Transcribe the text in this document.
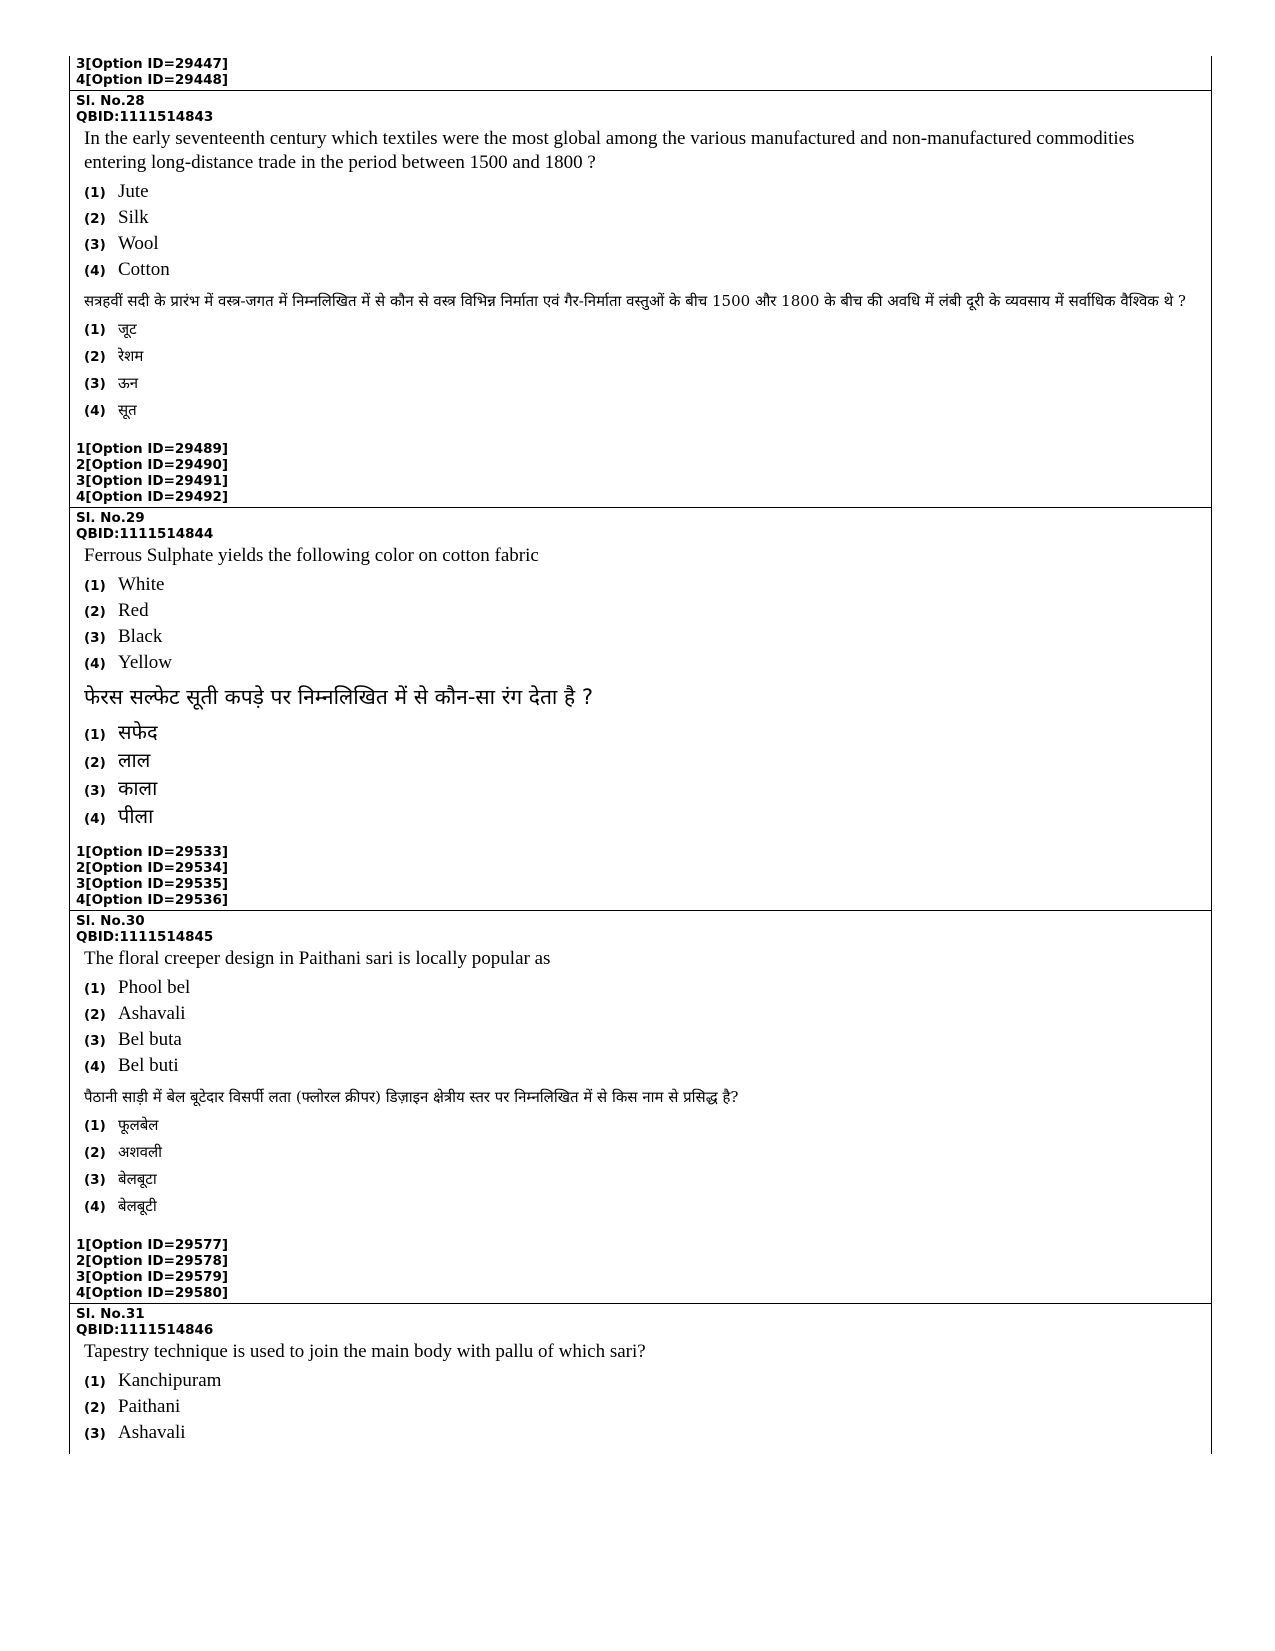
3[Option ID=29447]
4[Option ID=29448]
Sl. No.28
QBID:1111514843
In the early seventeenth century which textiles were the most global among the various manufactured and non-manufactured commodities entering long-distance trade in the period between 1500 and 1800 ?
(1) Jute
(2) Silk
(3) Wool
(4) Cotton
सत्रहवीं सदी के प्रारंभ में वस्त्र-जगत में निम्नलिखित में से कौन से वस्त्र विभिन्न निर्माता एवं गैर-निर्माता वस्तुओं के बीच 1500 और 1800 के बीच की अवधि में लंबी दूरी के व्यवसाय में सर्वाधिक वैश्विक थे ?
(1) जूट
(2) रेशम
(3) ऊन
(4) सूत
1[Option ID=29489]
2[Option ID=29490]
3[Option ID=29491]
4[Option ID=29492]
Sl. No.29
QBID:1111514844
Ferrous Sulphate yields the following color on cotton fabric
(1) White
(2) Red
(3) Black
(4) Yellow
फेरस सल्फेट सूती कपड़े पर निम्नलिखित में से कौन-सा रंग देता है ?
(1) सफेद
(2) लाल
(3) काला
(4) पीला
1[Option ID=29533]
2[Option ID=29534]
3[Option ID=29535]
4[Option ID=29536]
Sl. No.30
QBID:1111514845
The floral creeper design in Paithani sari is locally popular as
(1) Phool bel
(2) Ashavali
(3) Bel buta
(4) Bel buti
पैठानी साड़ी में बेल बूटेदार विसर्पी लता (फ्लोरल क्रीपर) डिज़ाइन क्षेत्रीय स्तर पर निम्नलिखित में से किस नाम से प्रसिद्ध है?
(1) फूलबेल
(2) अशवली
(3) बेलबूटा
(4) बेलबूटी
1[Option ID=29577]
2[Option ID=29578]
3[Option ID=29579]
4[Option ID=29580]
Sl. No.31
QBID:1111514846
Tapestry technique is used to join the main body with pallu of which sari?
(1) Kanchipuram
(2) Paithani
(3) Ashavali
